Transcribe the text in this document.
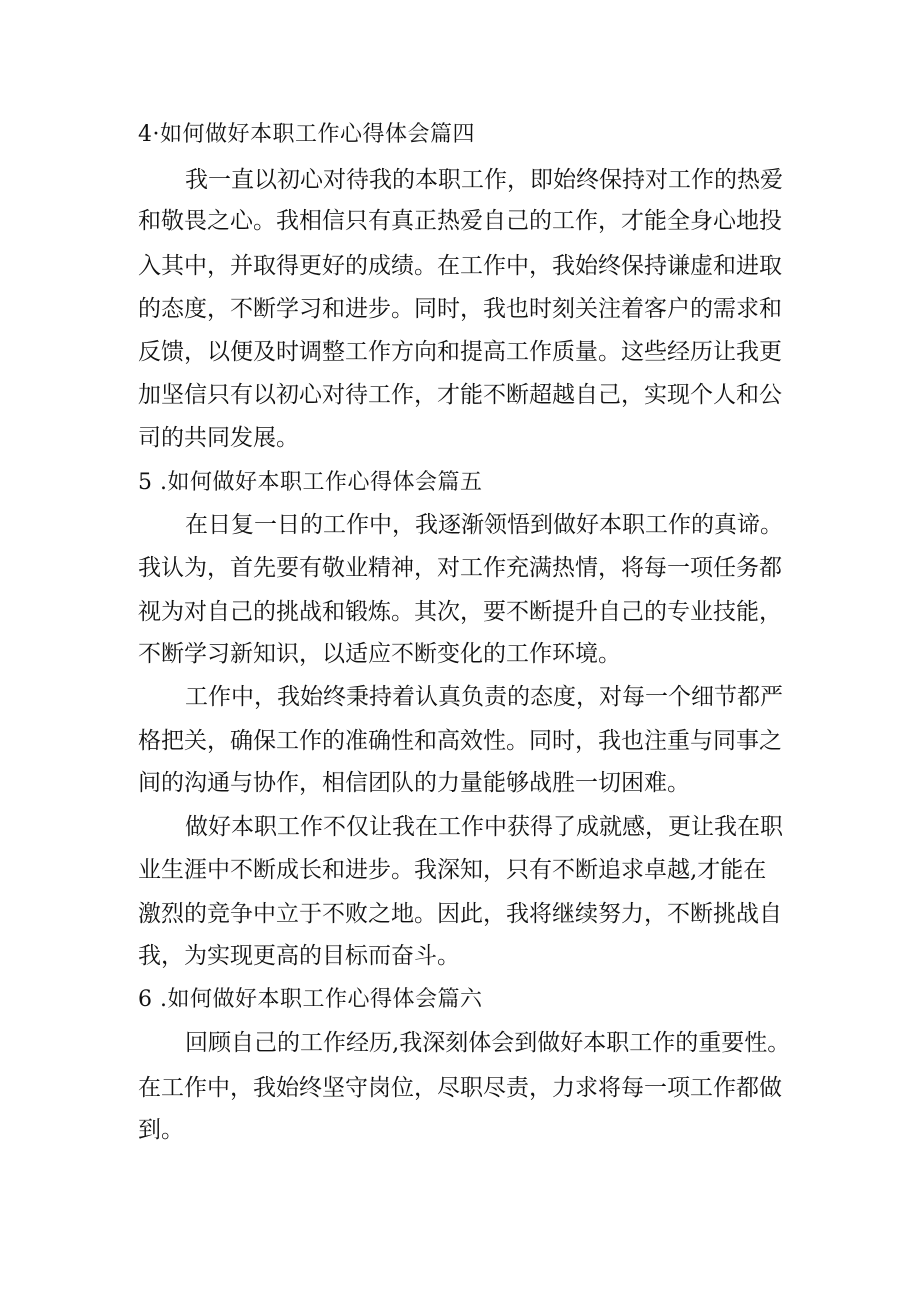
4·如何做好本职工作心得体会篇四
我一直以初心对待我的本职工作，即始终保持对工作的热爱
和敬畏之心。我相信只有真正热爱自己的工作，才能全身心地投
入其中，并取得更好的成绩。在工作中，我始终保持谦虚和进取
的态度，不断学习和进步。同时，我也时刻关注着客户的需求和
反馈，以便及时调整工作方向和提高工作质量。这些经历让我更
加坚信只有以初心对待工作，才能不断超越自己，实现个人和公
司的共同发展。
5 .如何做好本职工作心得体会篇五
在日复一日的工作中，我逐渐领悟到做好本职工作的真谛。
我认为，首先要有敬业精神，对工作充满热情，将每一项任务都
视为对自己的挑战和锻炼。其次，要不断提升自己的专业技能，
不断学习新知识，以适应不断变化的工作环境。
工作中，我始终秉持着认真负责的态度，对每一个细节都严
格把关，确保工作的准确性和高效性。同时，我也注重与同事之
间的沟通与协作，相信团队的力量能够战胜一切困难。
做好本职工作不仅让我在工作中获得了成就感，更让我在职
业生涯中不断成长和进步。我深知，只有不断追求卓越,才能在
激烈的竞争中立于不败之地。因此，我将继续努力，不断挑战自
我，为实现更高的目标而奋斗。
6 .如何做好本职工作心得体会篇六
回顾自己的工作经历,我深刻体会到做好本职工作的重要性。
在工作中，我始终坚守岗位，尽职尽责，力求将每一项工作都做
到。
